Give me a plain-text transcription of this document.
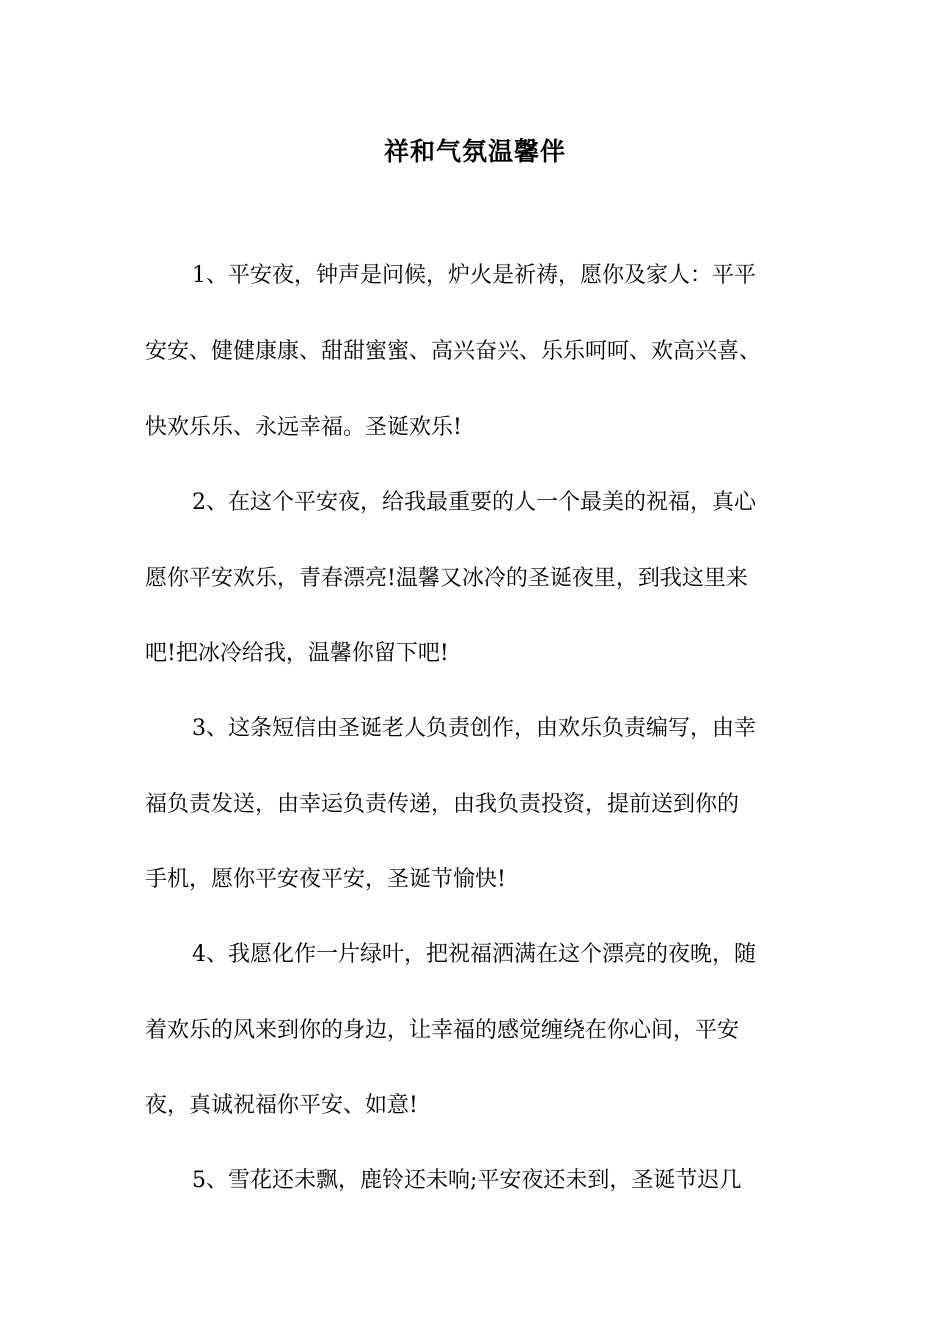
祥和气氛温馨伴
1、平安夜，钟声是问候，炉火是祈祷，愿你及家人：平平
安安、健健康康、甜甜蜜蜜、高兴奋兴、乐乐呵呵、欢高兴喜、
快欢乐乐、永远幸福。圣诞欢乐!
2、在这个平安夜，给我最重要的人一个最美的祝福，真心
愿你平安欢乐，青春漂亮!温馨又冰冷的圣诞夜里，到我这里来
吧!把冰冷给我，温馨你留下吧!
3、这条短信由圣诞老人负责创作，由欢乐负责编写，由幸
福负责发送，由幸运负责传递，由我负责投资，提前送到你的
手机，愿你平安夜平安，圣诞节愉快!
4、我愿化作一片绿叶，把祝福洒满在这个漂亮的夜晚，随
着欢乐的风来到你的身边，让幸福的感觉缠绕在你心间，平安
夜，真诚祝福你平安、如意!
5、雪花还未飘，鹿铃还未响;平安夜还未到，圣诞节迟几
